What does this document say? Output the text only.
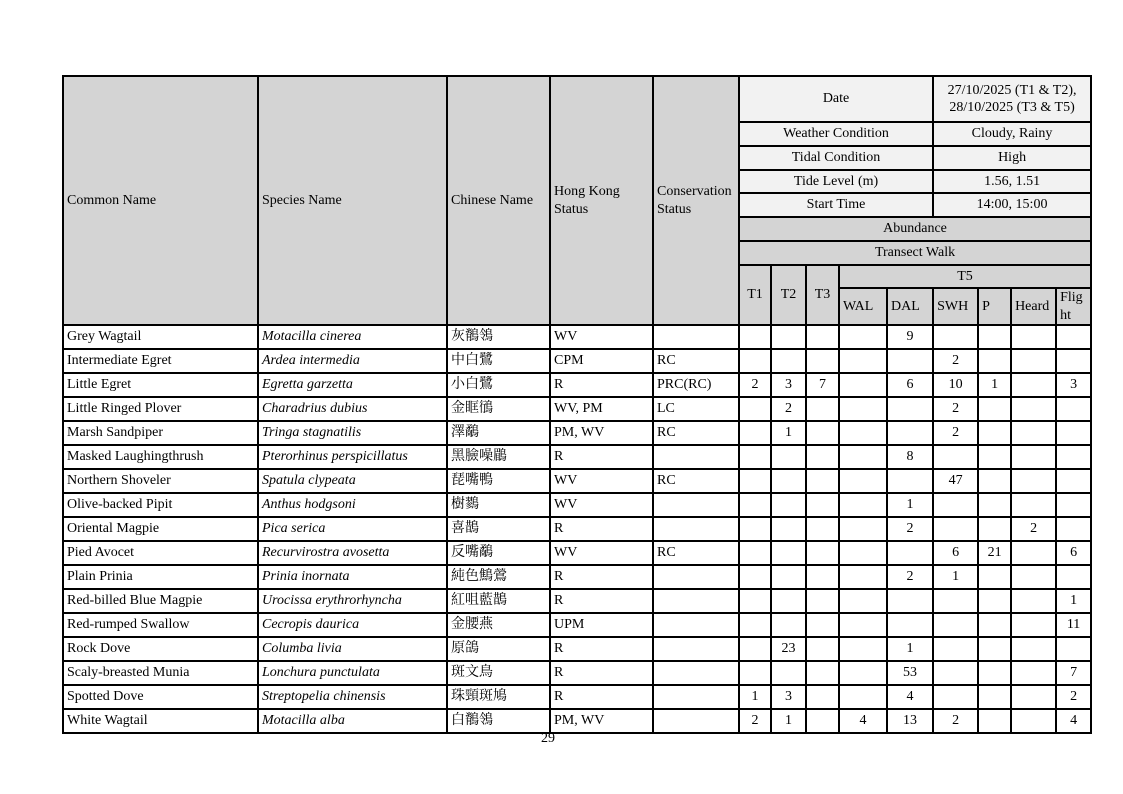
Common Name	Species Name	Chinese Name	Hong Kong Status	Conservation Status	Date					27/10/2025 (T1 & T2), 28/10/2025 (T3 & T5)			
					Weather Condition					Cloudy, Rainy			
					Tidal Condition					High			
					Tide Level (m)					1.56, 1.51			
					Start Time					14:00, 15:00			
					Abundance								
					Transect Walk								
					T1	T2	T3	T5					
								WAL	DAL	SWH	P	Heard	Flight
Grey Wagtail	Motacilla cinerea	灰鶺鴒	WV						9				
Intermediate Egret	Ardea intermedia	中白鷺	CPM	RC						2			
Little Egret	Egretta garzetta	小白鷺	R	PRC(RC)	2	3	7		6	10	1		3
Little Ringed Plover	Charadrius dubius	金眶鴴	WV, PM	LC		2				2			
Marsh Sandpiper	Tringa stagnatilis	澤鷸	PM, WV	RC		1				2			
Masked Laughingthrush	Pterorhinus perspicillatus	黑臉噪鶥	R						8				
Northern Shoveler	Spatula clypeata	琵嘴鴨	WV	RC						47			
Olive-backed Pipit	Anthus hodgsoni	樹鷚	WV						1				
Oriental Magpie	Pica serica	喜鵲	R						2			2	
Pied Avocet	Recurvirostra avosetta	反嘴鷸	WV	RC						6	21		6
Plain Prinia	Prinia inornata	純色鷦鶯	R						2	1			
Red-billed Blue Magpie	Urocissa erythrorhyncha	紅咀藍鵲	R										1
Red-rumped Swallow	Cecropis daurica	金腰燕	UPM										11
Rock Dove	Columba livia	原鴿	R			23			1				
Scaly-breasted Munia	Lonchura punctulata	斑文鳥	R						53				7
Spotted Dove	Streptopelia chinensis	珠頸斑鳩	R		1	3			4				2
White Wagtail	Motacilla alba	白鶺鴒	PM, WV		2	1		4	13	2			4
29
